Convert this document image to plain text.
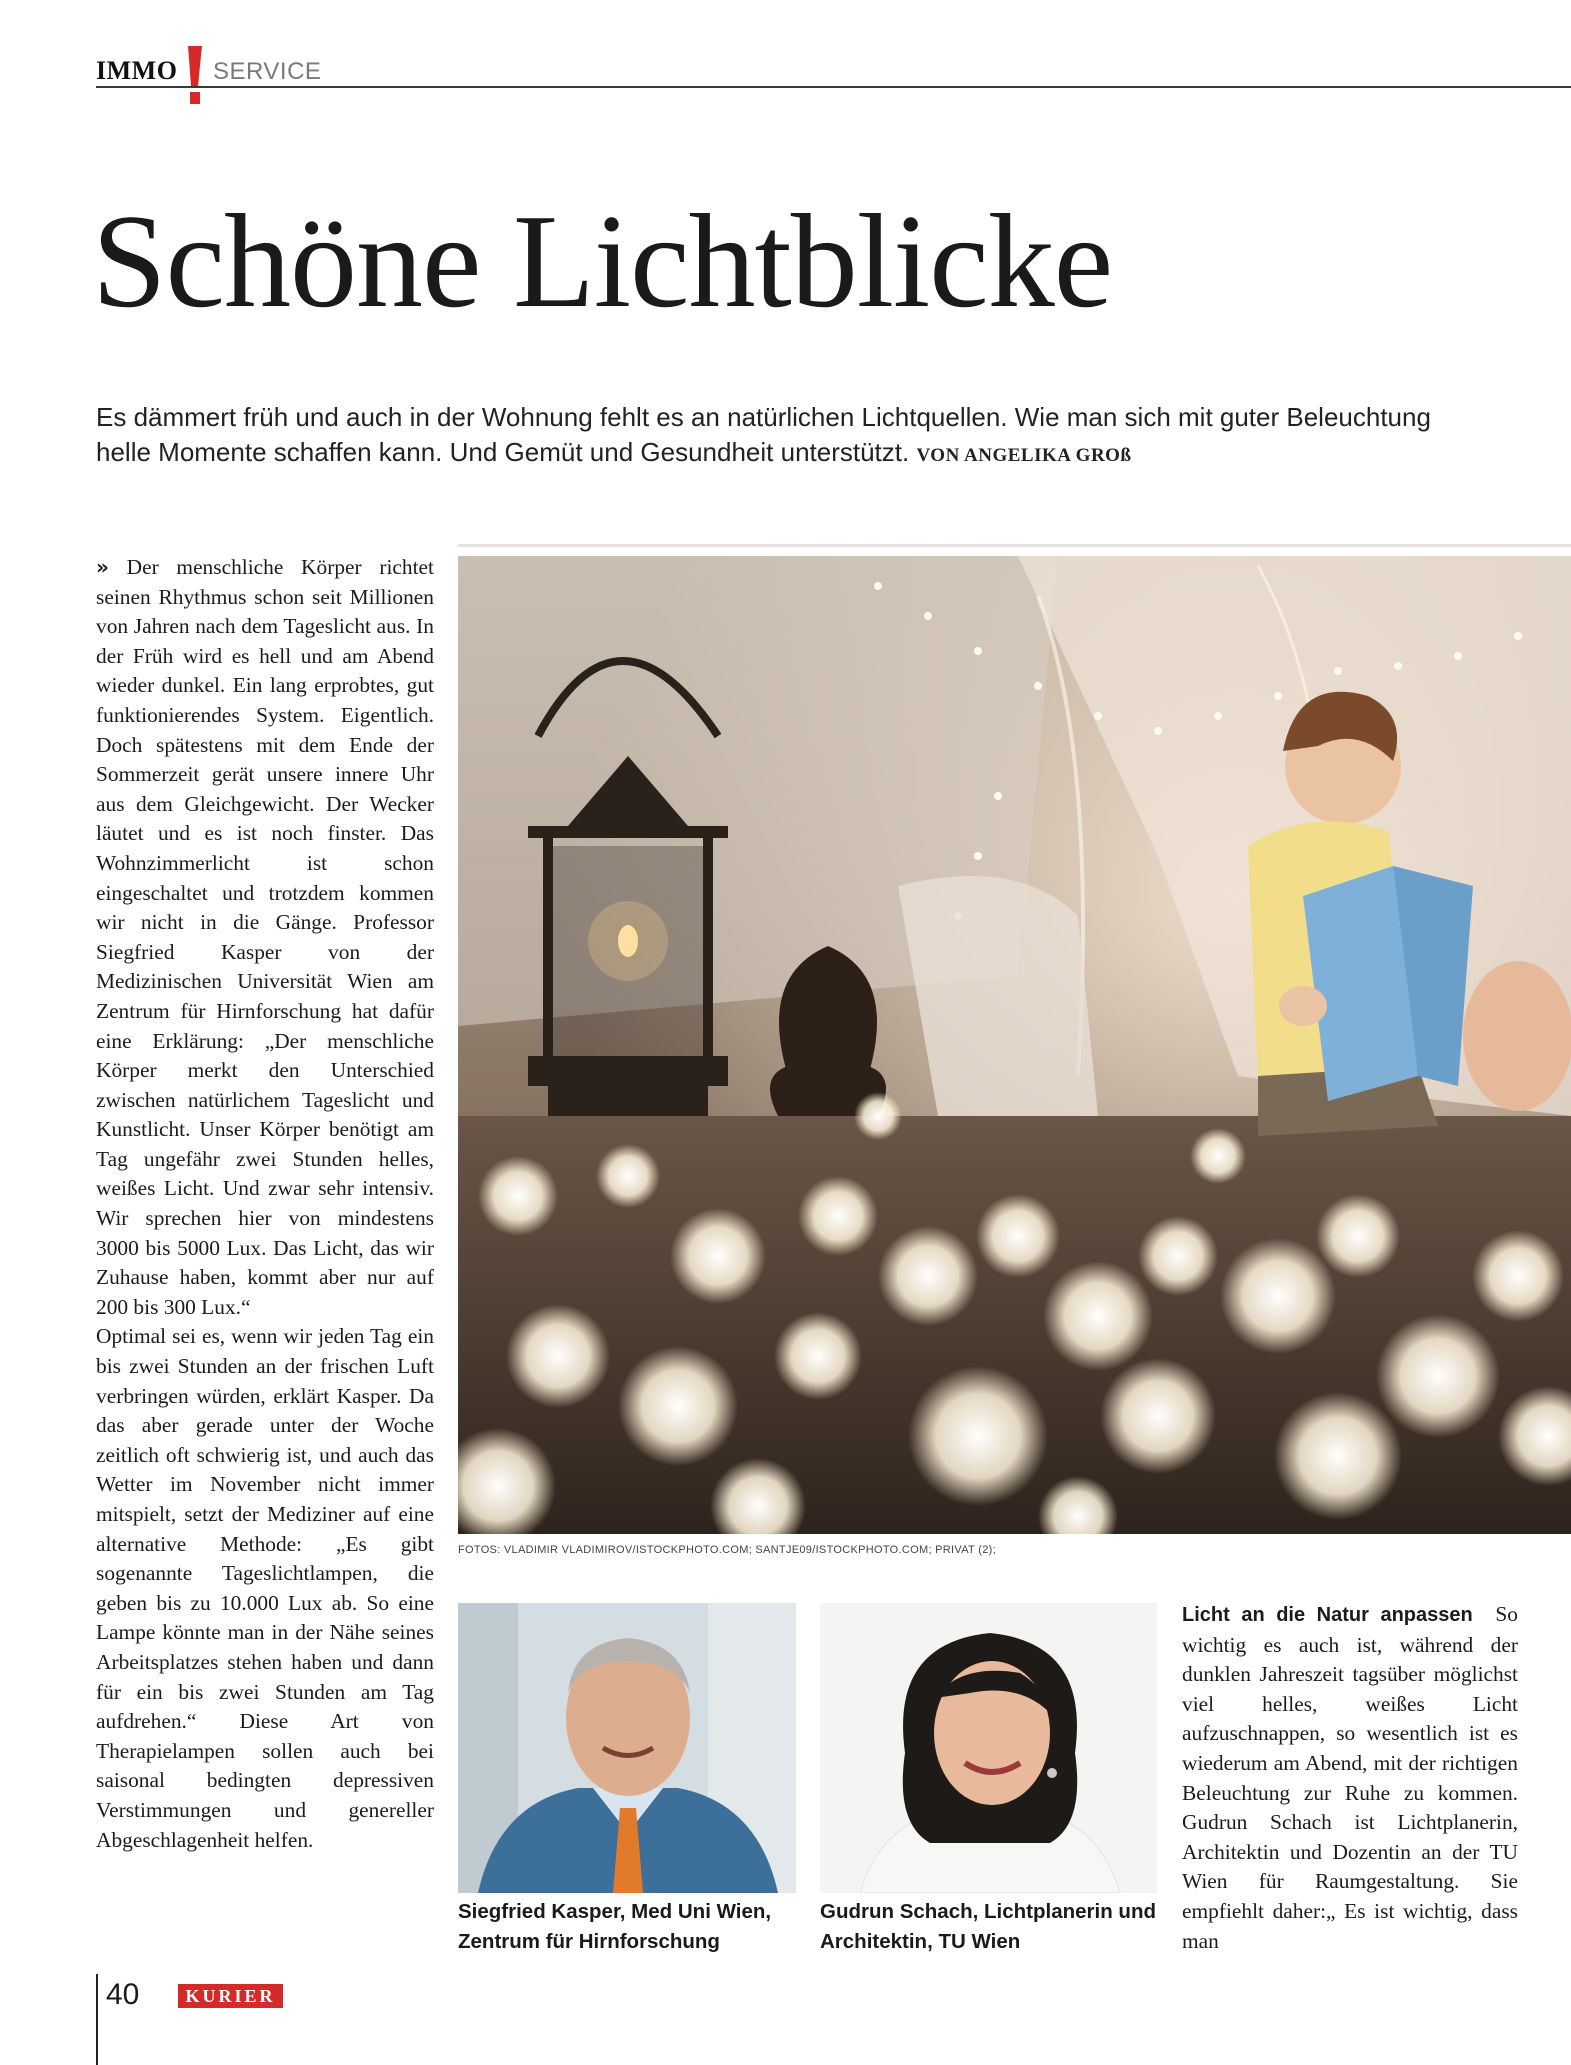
IMMO SERVICE
Schöne Lichtblicke

Es dämmert früh und auch in der Wohnung fehlt es an natürlichen Lichtquellen. Wie man sich mit guter Beleuchtung helle Momente schaffen kann. Und Gemüt und Gesundheit unterstützt. VON ANGELIKA GROß

» Der menschliche Körper richtet seinen Rhythmus schon seit Millionen von Jahren nach dem Tageslicht aus. In der Früh wird es hell und am Abend wieder dunkel. Ein lang erprobtes, gut funktionierendes System. Eigentlich. Doch spätestens mit dem Ende der Sommerzeit gerät unsere innere Uhr aus dem Gleichgewicht. Der Wecker läutet und es ist noch finster. Das Wohnzimmerlicht ist schon eingeschaltet und trotzdem kommen wir nicht in die Gänge. Professor Siegfried Kasper von der Medizinischen Universität Wien am Zentrum für Hirnforschung hat dafür eine Erklärung: „Der menschliche Körper merkt den Unterschied zwischen natürlichem Tageslicht und Kunstlicht. Unser Körper benötigt am Tag ungefähr zwei Stunden helles, weißes Licht. Und zwar sehr intensiv. Wir sprechen hier von mindestens 3000 bis 5000 Lux. Das Licht, das wir Zuhause haben, kommt aber nur auf 200 bis 300 Lux.“

Optimal sei es, wenn wir jeden Tag ein bis zwei Stunden an der frischen Luft verbringen würden, erklärt Kasper. Da das aber gerade unter der Woche zeitlich oft schwierig ist, und auch das Wetter im November nicht immer mitspielt, setzt der Mediziner auf eine alternative Methode: „Es gibt sogenannte Tageslichtlampen, die geben bis zu 10.000 Lux ab. So eine Lampe könnte man in der Nähe seines Arbeitsplatzes stehen haben und dann für ein bis zwei Stunden am Tag aufdrehen.“ Diese Art von Therapielampen sollen auch bei saisonal bedingten depressiven Verstimmungen und genereller Abgeschlagenheit helfen.

FOTOS: VLADIMIR VLADIMIROV/ISTOCKPHOTO.COM; SANTJE09/ISTOCKPHOTO.COM; PRIVAT (2);
Siegfried Kasper, Med Uni Wien, Zentrum für Hirnforschung
Gudrun Schach, Lichtplanerin und Architektin, TU Wien

Licht an die Natur anpassen So wichtig es auch ist, während der dunklen Jahreszeit tagsüber möglichst viel helles, weißes Licht aufzuschnappen, so wesentlich ist es wiederum am Abend, mit der richtigen Beleuchtung zur Ruhe zu kommen. Gudrun Schach ist Lichtplanerin, Architektin und Dozentin an der TU Wien für Raumgestaltung. Sie empfiehlt daher:„ Es ist wichtig, dass man

40	KURIER
